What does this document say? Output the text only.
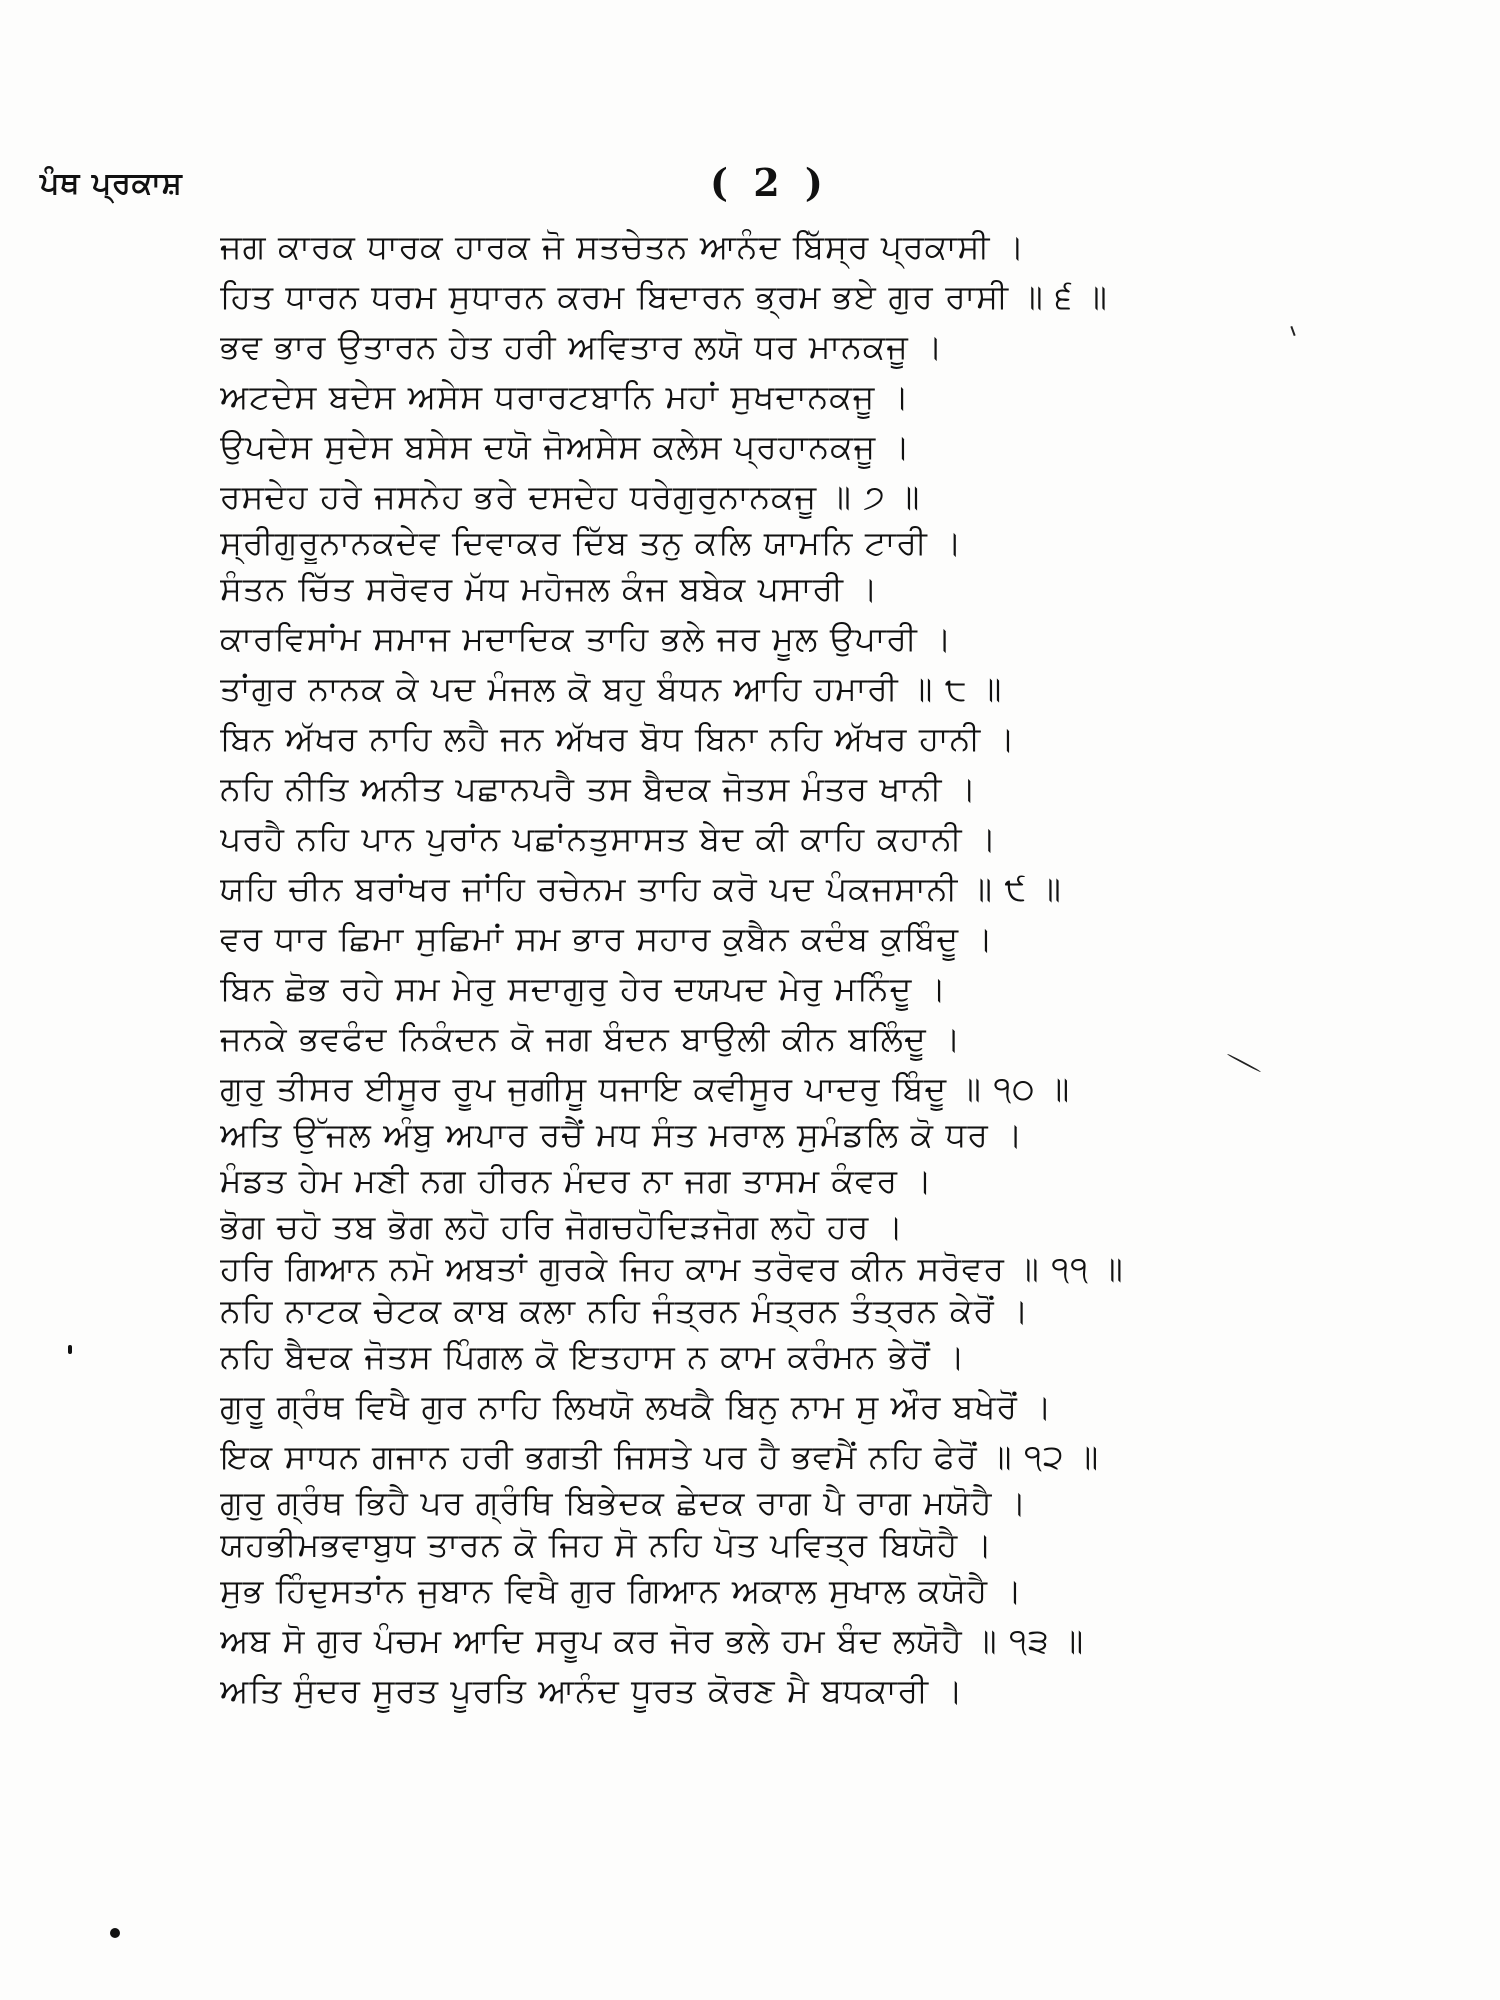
ਪੰਥ ਪ੍ਰਕਾਸ਼	( 2 )
ਜਗ ਕਾਰਕ ਧਾਰਕ ਹਾਰਕ ਜੋ ਸਤਚੇਤਨ ਆਨੰਦ ਬਿੱਸ੍ਰ ਪ੍ਰਕਾਸੀ ।
ਹਿਤ ਧਾਰਨ ਧਰਮ ਸੁਧਾਰਨ ਕਰਮ ਬਿਦਾਰਨ ਭ੍ਰਮ ਭਏ ਗੁਰ ਰਾਸੀ ॥ ੬ ॥
ਭਵ ਭਾਰ ਉਤਾਰਨ ਹੇਤ ਹਰੀ ਅਵਿਤਾਰ ਲਯੋ ਧਰ ਮਾਨਕਜੂ ।
ਅਟਦੇਸ ਬਦੇਸ ਅਸੇਸ ਧਰਾਰਟਬਾਨਿ ਮਹਾਂ ਸੁਖਦਾਨਕਜੂ ।
ਉਪਦੇਸ ਸੁਦੇਸ ਬਸੇਸ ਦਯੋ ਜੋਅਸੇਸ ਕਲੇਸ ਪ੍ਰਹਾਨਕਜੂ ।
ਰਸਦੇਹ ਹਰੇ ਜਸਨੇਹ ਭਰੇ ਦਸਦੇਹ ਧਰੇਗੁਰੁਨਾਨਕਜੂ ॥ ੭ ॥
ਸ੍ਰੀਗੁਰੂਨਾਨਕਦੇਵ ਦਿਵਾਕਰ ਦਿੱਬ ਤਨੁ ਕਲਿ ਯਾਮਨਿ ਟਾਰੀ ।
ਸੰਤਨ ਚਿੱਤ ਸਰੋਵਰ ਮੱਧ ਮਹੋਜਲ ਕੰਜ ਬਬੇਕ ਪਸਾਰੀ ।
ਕਾਰਵਿਸਾਂਮ ਸਮਾਜ ਮਦਾਦਿਕ ਤਾਹਿ ਭਲੇ ਜਰ ਮੂਲ ਉਪਾਰੀ ।
ਤਾਂਗੁਰ ਨਾਨਕ ਕੇ ਪਦ ਮੰਜਲ ਕੋ ਬਹੁ ਬੰਧਨ ਆਹਿ ਹਮਾਰੀ ॥ ੮ ॥
ਬਿਨ ਅੱਖਰ ਨਾਹਿ ਲਹੈ ਜਨ ਅੱਖਰ ਬੋਧ ਬਿਨਾ ਨਹਿ ਅੱਖਰ ਹਾਨੀ ।
ਨਹਿ ਨੀਤਿ ਅਨੀਤ ਪਛਾਨਪਰੈ ਤਸ ਬੈਦਕ ਜੋਤਸ ਮੰਤਰ ਖਾਨੀ ।
ਪਰਹੈ ਨਹਿ ਪਾਨ ਪੁਰਾਂਨ ਪਛਾਂਨਤੁਸਾਸਤ ਬੇਦ ਕੀ ਕਾਹਿ ਕਹਾਨੀ ।
ਯਹਿ ਚੀਨ ਬਰਾਂਖਰ ਜਾਂਹਿ ਰਚੇਨਮ ਤਾਹਿ ਕਰੋ ਪਦ ਪੰਕਜਸਾਨੀ ॥ ੯ ॥
ਵਰ ਧਾਰ ਛਿਮਾ ਸੁਛਿਮਾਂ ਸਮ ਭਾਰ ਸਹਾਰ ਕੁਬੈਨ ਕਦੰਬ ਕੁਬਿੰਦੂ ।
ਬਿਨ ਛੋਭ ਰਹੇ ਸਮ ਮੇਰੁ ਸਦਾਗੁਰੁ ਹੇਰ ਦਯਪਦ ਮੇਰੁ ਮਨਿੰਦੂ ।
ਜਨਕੇ ਭਵਫੰਦ ਨਿਕੰਦਨ ਕੋ ਜਗ ਬੰਦਨ ਬਾਉਲੀ ਕੀਨ ਬਲਿੰਦੂ ।
ਗੁਰੁ ਤੀਸਰ ਈਸੂਰ ਰੂਪ ਜੁਗੀਸੂ ਧਜਾਇ ਕਵੀਸੂਰ ਪਾਦਰੁ ਬਿੰਦੂ ॥ ੧੦ ॥
ਅਤਿ ਉੱਜਲ ਅੰਬੁ ਅਪਾਰ ਰਚੈਂ ਮਧ ਸੰਤ ਮਰਾਲ ਸੁਮੰਡਲਿ ਕੋ ਧਰ ।
ਮੰਡਤ ਹੇਮ ਮਣੀ ਨਗ ਹੀਰਨ ਮੰਦਰ ਨਾ ਜਗ ਤਾਸਮ ਕੰਵਰ ।
ਭੋਗ ਚਹੋ ਤਬ ਭੋਗ ਲਹੋ ਹਰਿ ਜੋਗਚਹੋਦਿੜਜੋਗ ਲਹੋ ਹਰ ।
ਹਰਿ ਗਿਆਨ ਨਮੋ ਅਬਤਾਂ ਗੁਰਕੇ ਜਿਹ ਕਾਮ ਤਰੋਵਰ ਕੀਨ ਸਰੋਵਰ ॥ ੧੧ ॥
ਨਹਿ ਨਾਟਕ ਚੇਟਕ ਕਾਬ ਕਲਾ ਨਹਿ ਜੰਤ੍ਰਨ ਮੰਤ੍ਰਨ ਤੰਤ੍ਰਨ ਕੇਰੋਂ ।
ਨਹਿ ਬੈਦਕ ਜੋਤਸ ਪਿੰਗਲ ਕੋ ਇਤਹਾਸ ਨ ਕਾਮ ਕਰੰਮਨ ਭੇਰੋਂ ।
ਗੁਰੂ ਗ੍ਰੰਥ ਵਿਖੈ ਗੁਰ ਨਾਹਿ ਲਿਖਯੋ ਲਖਕੈ ਬਿਨੁ ਨਾਮ ਸੁ ਔਰ ਬਖੇਰੋਂ ।
ਇਕ ਸਾਧਨ ਗਜਾਨ ਹਰੀ ਭਗਤੀ ਜਿਸਤੇ ਪਰ ਹੈ ਭਵਮੈਂ ਨਹਿ ਫੇਰੋਂ ॥ ੧੨ ॥
ਗੁਰੁ ਗ੍ਰੰਥ ਭਿਹੈ ਪਰ ਗ੍ਰੰਥਿ ਬਿਭੇਦਕ ਛੇਦਕ ਰਾਗ ਪੈ ਰਾਗ ਮਯੋਹੈ ।
ਯਹਭੀਮਭਵਾਬੁਧ ਤਾਰਨ ਕੋ ਜਿਹ ਸੋ ਨਹਿ ਪੋਤ ਪਵਿਤ੍ਰ ਬਿਯੋਹੈ ।
ਸੁਭ ਹਿੰਦੁਸਤਾਂਨ ਜੁਬਾਨ ਵਿਖੈ ਗੁਰ ਗਿਆਨ ਅਕਾਲ ਸੁਖਾਲ ਕਯੋਹੈ ।
ਅਬ ਸੋ ਗੁਰ ਪੰਚਮ ਆਦਿ ਸਰੂਪ ਕਰ ਜੋਰ ਭਲੇ ਹਮ ਬੰਦ ਲਯੋਹੈ ॥ ੧੩ ॥
ਅਤਿ ਸੁੰਦਰ ਸੂਰਤ ਪੂਰਤਿ ਆਨੰਦ ਧੂਰਤ ਕੋਰਣ ਮੈ ਬਧਕਾਰੀ ।
